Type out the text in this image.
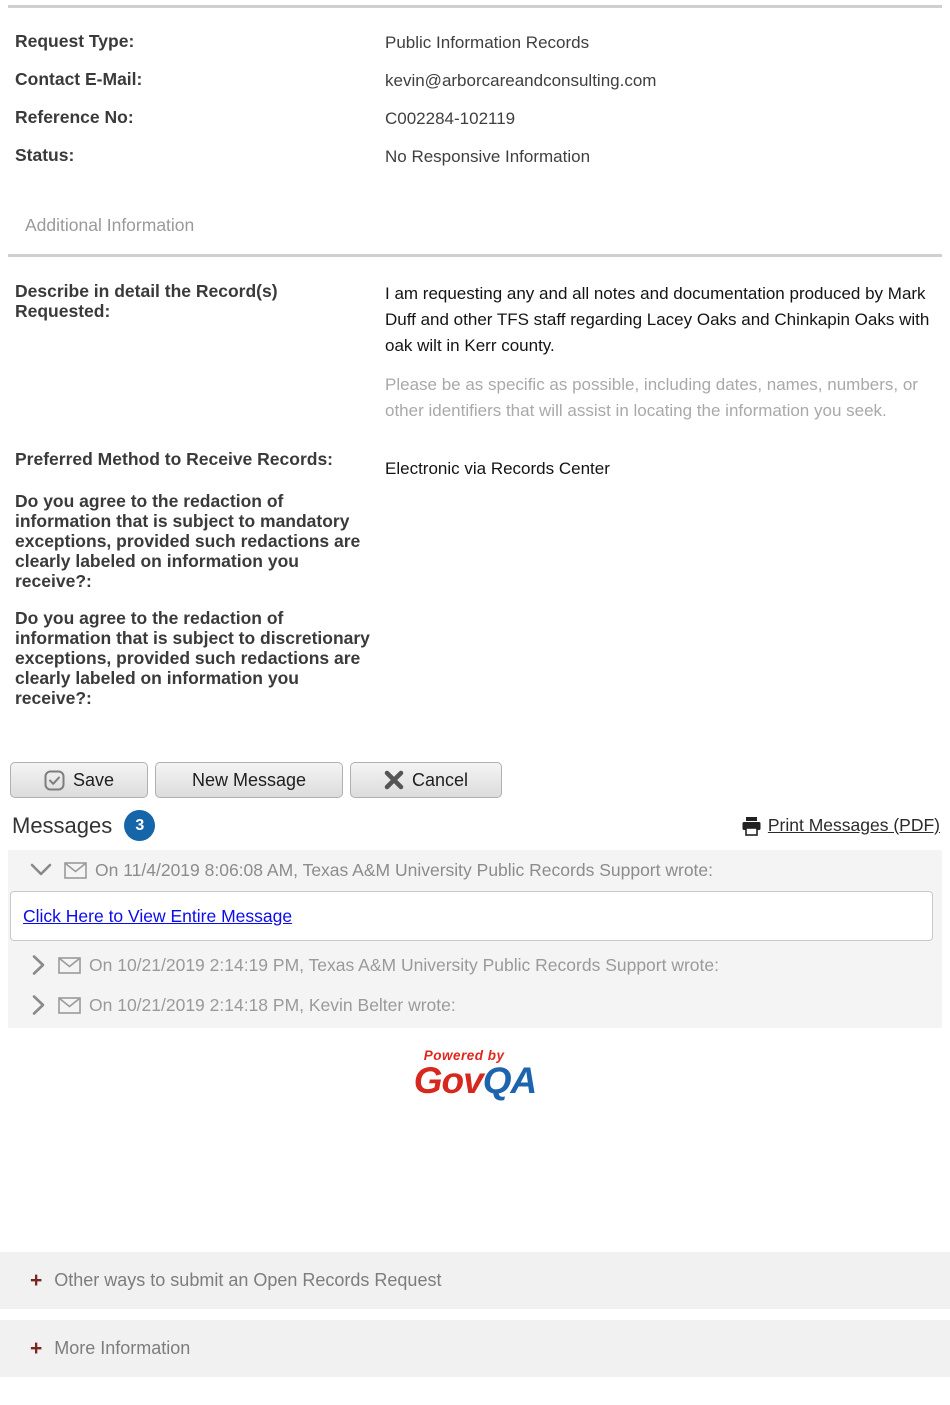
Request Type:	Public Information Records
Contact E-Mail:	kevin@arborcareandconsulting.com
Reference No:	C002284-102119
Status:	No Responsive Information
Additional Information
Describe in detail the Record(s) Requested:
I am requesting any and all notes and documentation produced by Mark Duff and other TFS staff regarding Lacey Oaks and Chinkapin Oaks with oak wilt in Kerr county.
Please be as specific as possible, including dates, names, numbers, or other identifiers that will assist in locating the information you seek.
Preferred Method to Receive Records:	Electronic via Records Center
Do you agree to the redaction of information that is subject to mandatory exceptions, provided such redactions are clearly labeled on information you receive?:
Do you agree to the redaction of information that is subject to discretionary exceptions, provided such redactions are clearly labeled on information you receive?:
Save	New Message	Cancel
Messages	3	Print Messages (PDF)
On 11/4/2019 8:06:08 AM, Texas A&M University Public Records Support wrote:
Click Here to View Entire Message
On 10/21/2019 2:14:19 PM, Texas A&M University Public Records Support wrote:
On 10/21/2019 2:14:18 PM, Kevin Belter wrote:
Powered by
GovQA
+ Other ways to submit an Open Records Request
+ More Information
